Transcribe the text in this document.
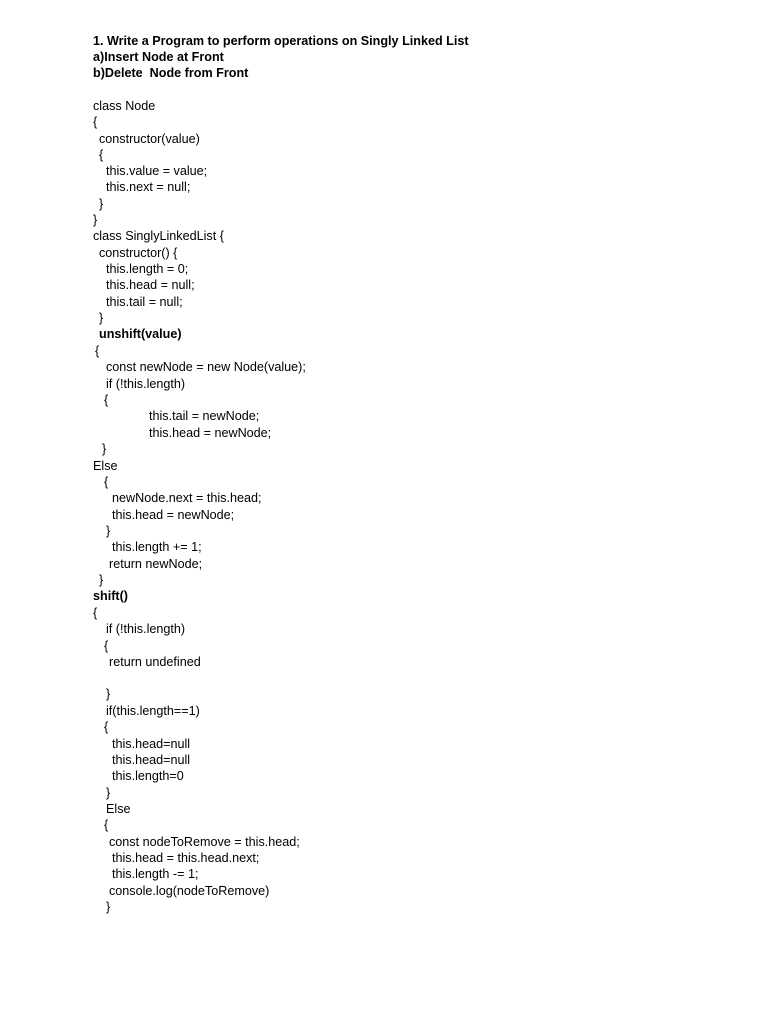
1. Write a Program to perform operations on Singly Linked List
a)Insert Node at Front
b)Delete  Node from Front
class Node
{
constructor(value)
{
this.value = value;
this.next = null;
}
}
class SinglyLinkedList {
constructor() {
this.length = 0;
this.head = null;
this.tail = null;
}
unshift(value)
{
const newNode = new Node(value);
if (!this.length)
{
this.tail = newNode;
this.head = newNode;
}
Else
{
newNode.next = this.head;
this.head = newNode;
}
this.length += 1;
return newNode;
}
shift()
{
if (!this.length)
{
return undefined
}
if(this.length==1)
{
this.head=null
this.head=null
this.length=0
}
Else
{
const nodeToRemove = this.head;
this.head = this.head.next;
this.length -= 1;
console.log(nodeToRemove)
}
